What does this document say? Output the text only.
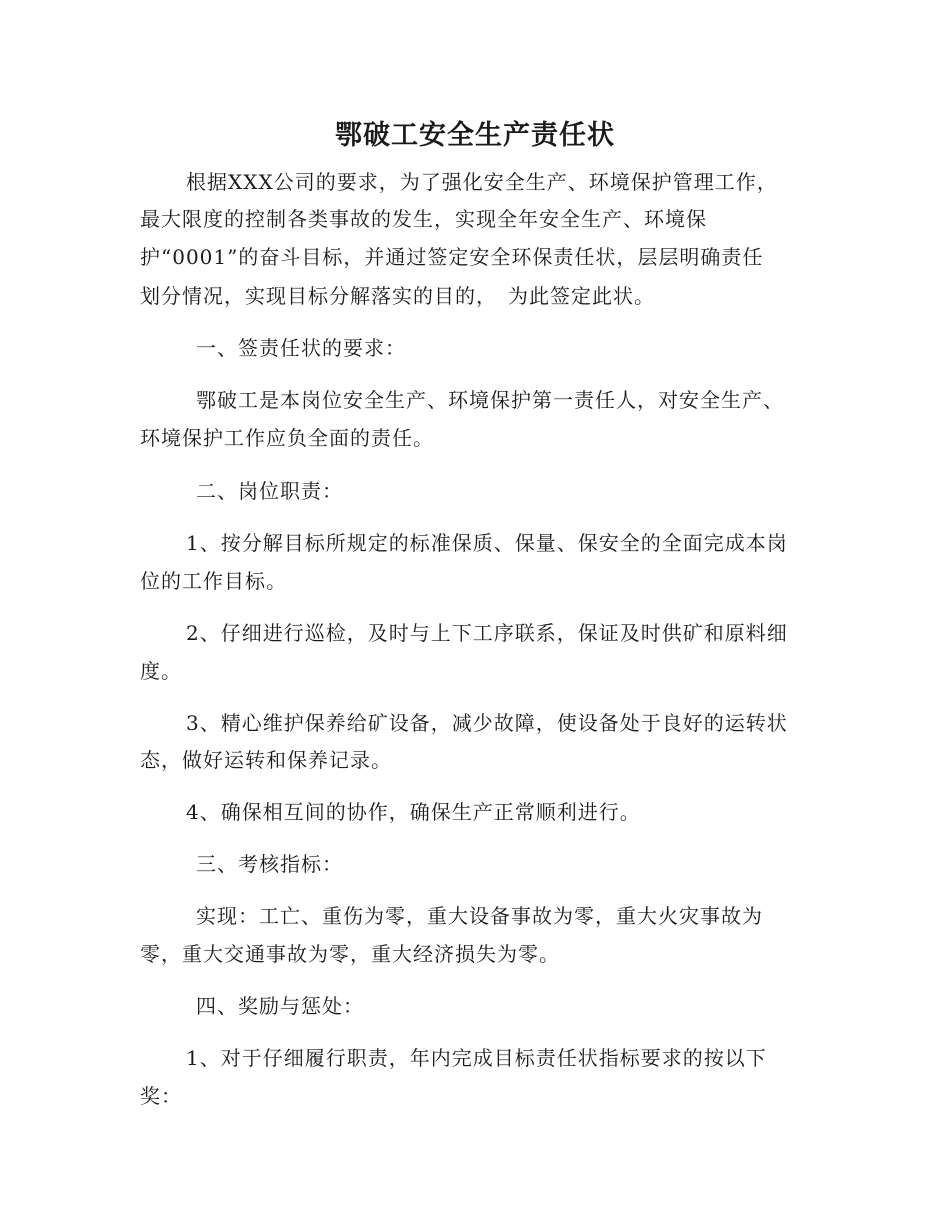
鄂破工安全生产责任状
根据XXX公司的要求，为了强化安全生产、环境保护管理工作，
最大限度的控制各类事故的发生，实现全年安全生产、环境保
护“0001”的奋斗目标，并通过签定安全环保责任状，层层明确责任
划分情况，实现目标分解落实的目的，　为此签定此状。
一、签责任状的要求：
鄂破工是本岗位安全生产、环境保护第一责任人，对安全生产、
环境保护工作应负全面的责任。
二、岗位职责：
1、按分解目标所规定的标准保质、保量、保安全的全面完成本岗
位的工作目标。
2、仔细进行巡检，及时与上下工序联系，保证及时供矿和原料细
度。
3、精心维护保养给矿设备，减少故障，使设备处于良好的运转状
态，做好运转和保养记录。
4、确保相互间的协作，确保生产正常顺利进行。
三、考核指标：
实现：工亡、重伤为零，重大设备事故为零，重大火灾事故为
零，重大交通事故为零，重大经济损失为零。
四、奖励与惩处：
1、对于仔细履行职责，年内完成目标责任状指标要求的按以下
奖：
